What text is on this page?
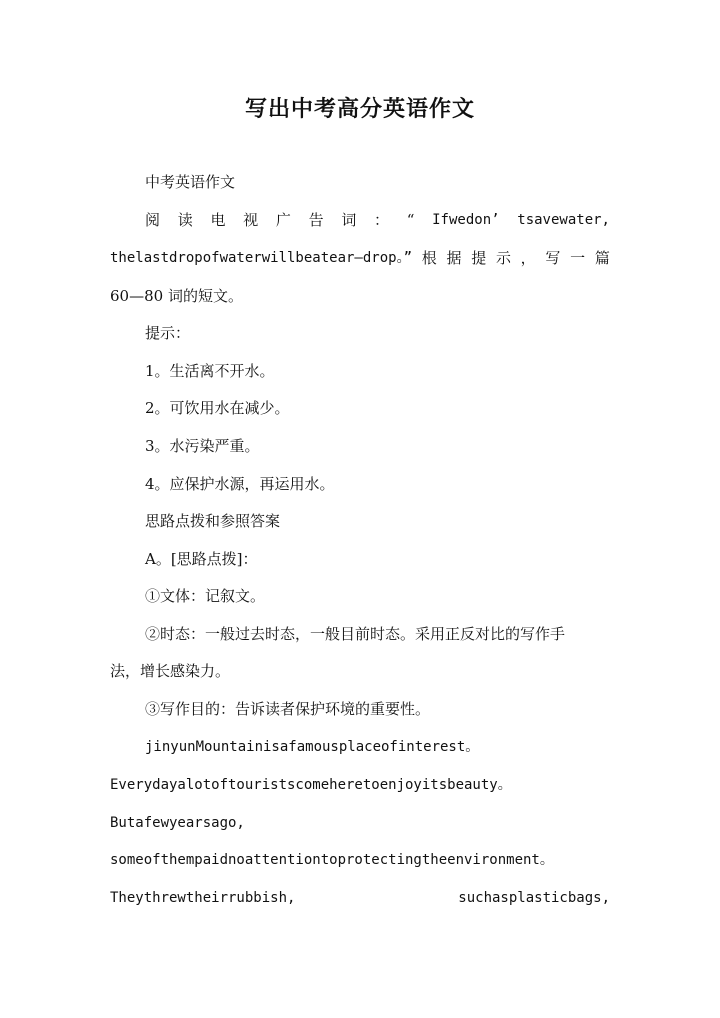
写出中考高分英语作文
中考英语作文
阅 读 电 视 广 告 词 ： “ Ifwedon’ tsavewater,
thelastdropofwaterwillbeatear—drop。” 根 据 提 示 ， 写 一 篇
60—80 词的短文。
提示：
1。生活离不开水。
2。可饮用水在减少。
3。水污染严重。
4。应保护水源，再运用水。
思路点拨和参照答案
A。[思路点拨]：
①文体：记叙文。
②时态：一般过去时态，一般目前时态。采用正反对比的写作手
法，增长感染力。
③写作目的：告诉读者保护环境的重要性。
jinyunMountainisafamousplaceofinterest。
Everydayalotoftouristscomeheretoenjoyitsbeauty。
Butafewyearsago,
someofthempaidnoattentiontoprotectingtheenvironment。
Theythrewtheirrubbish,	suchasplasticbags,
